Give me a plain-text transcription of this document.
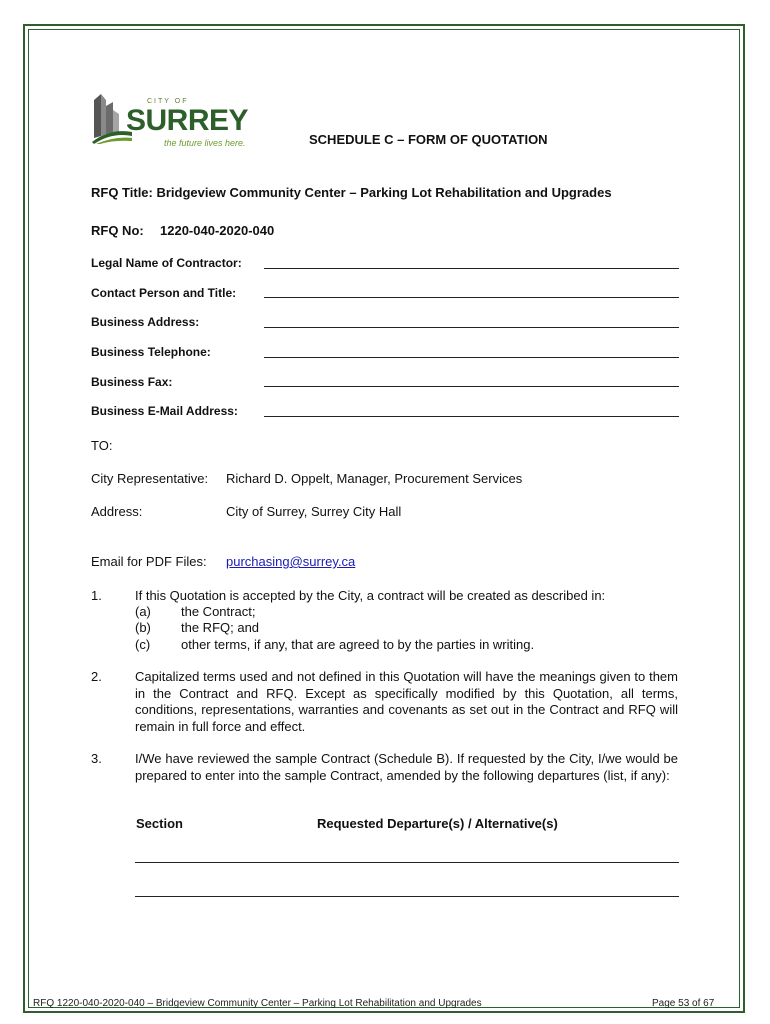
CITY OF
SURREY
the future lives here.	SCHEDULE C – FORM OF QUOTATION
RFQ Title: Bridgeview Community Center – Parking Lot Rehabilitation and Upgrades
RFQ No: 1220-040-2020-040
Legal Name of Contractor:
Contact Person and Title:
Business Address:
Business Telephone:
Business Fax:
Business E-Mail Address:
TO:
City Representative: Richard D. Oppelt, Manager, Procurement Services
Address:	City of Surrey, Surrey City Hall
Email for PDF Files: purchasing@surrey.ca
1.	If this Quotation is accepted by the City, a contract will be created as described in:
(a) the Contract;
(b) the RFQ; and
(c) other terms, if any, that are agreed to by the parties in writing.
2.	Capitalized terms used and not defined in this Quotation will have the meanings given to them in the Contract and RFQ. Except as specifically modified by this Quotation, all terms, conditions, representations, warranties and covenants as set out in the Contract and RFQ will remain in full force and effect.
3.	I/We have reviewed the sample Contract (Schedule B). If requested by the City, I/we would be prepared to enter into the sample Contract, amended by the following departures (list, if any):
Section	Requested Departure(s) / Alternative(s)
RFQ 1220-040-2020-040 – Bridgeview Community Center – Parking Lot Rehabilitation and Upgrades	Page 53 of 67
